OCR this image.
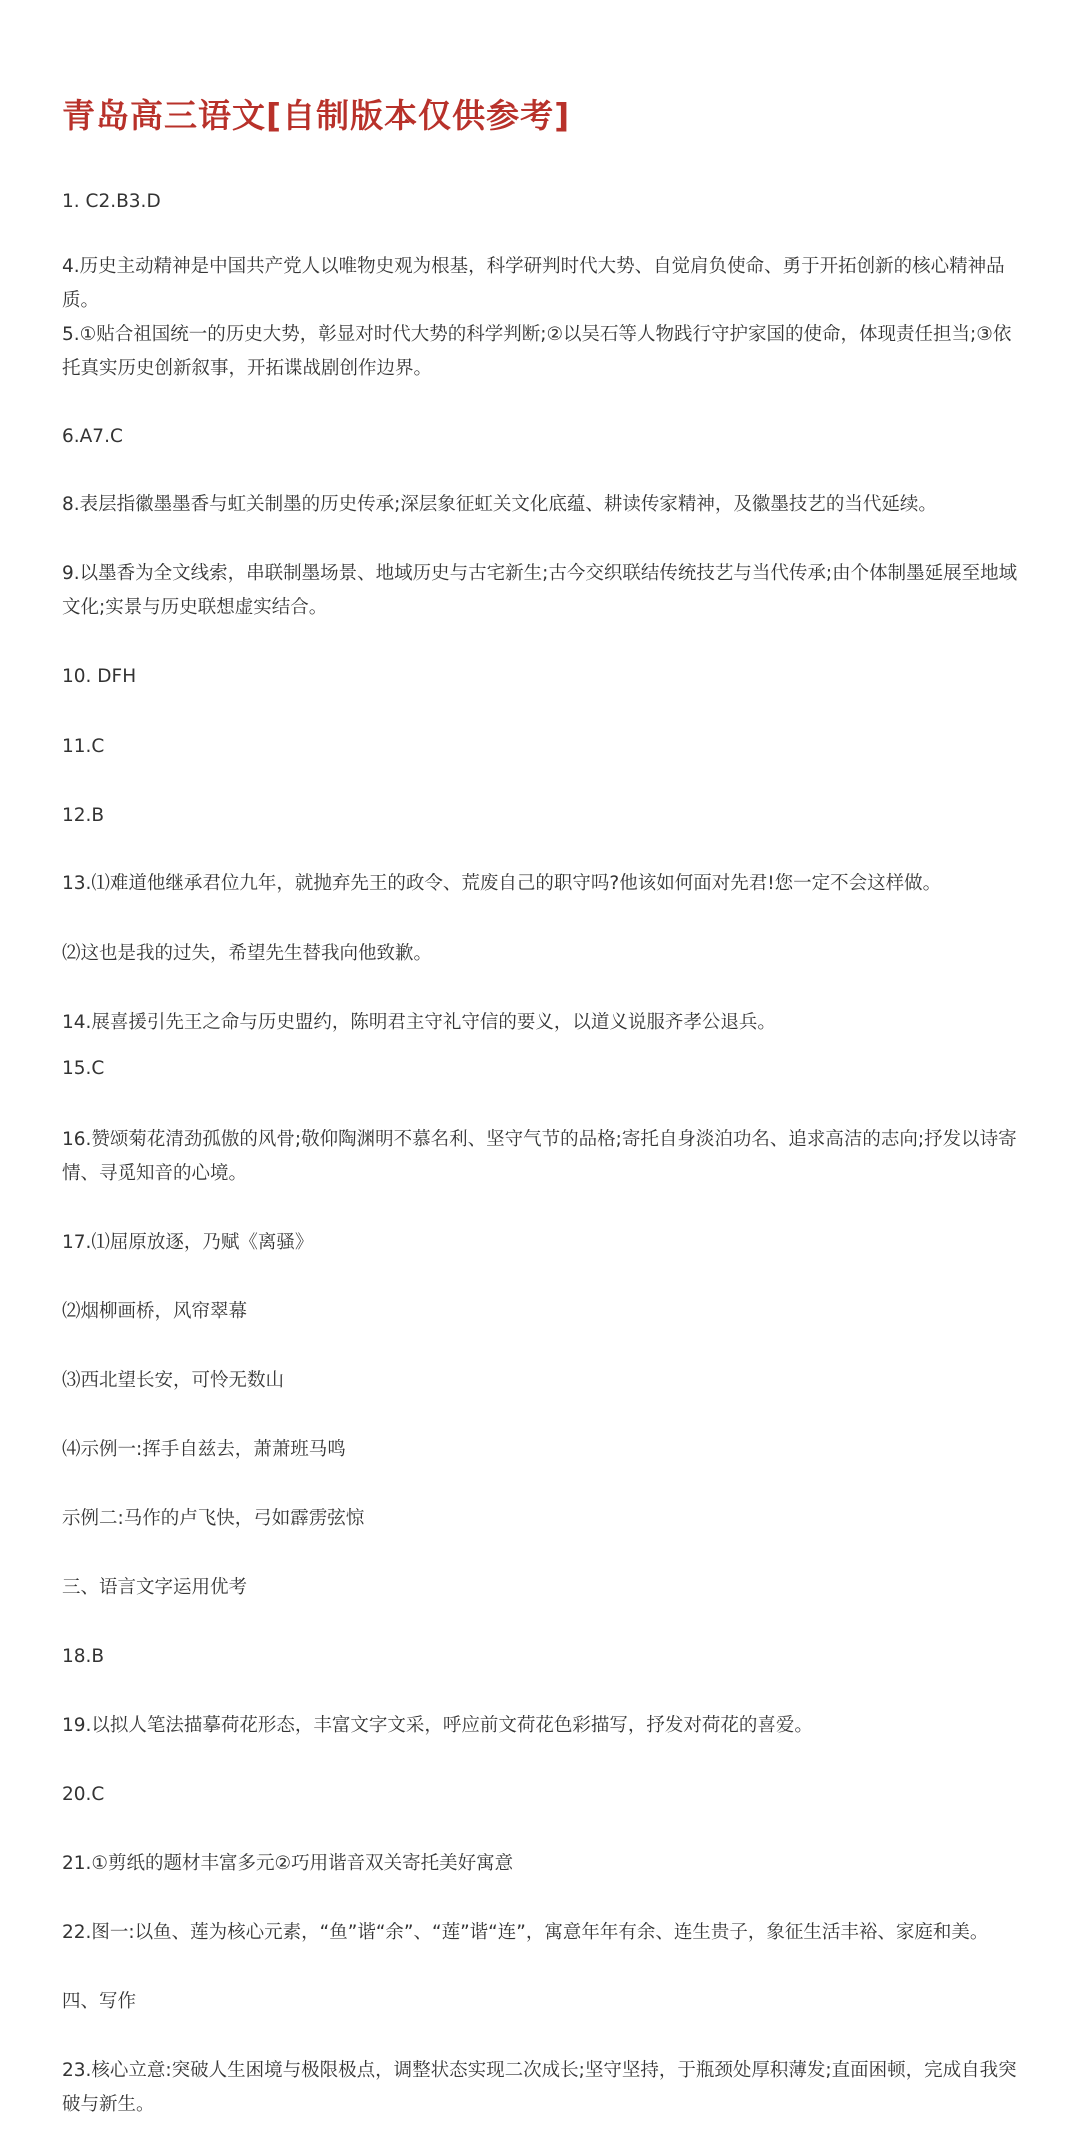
青岛高三语文[自制版本仅供参考]
1. C2.B3.D
4.历史主动精神是中国共产党人以唯物史观为根基，科学研判时代大势、自觉肩负使命、勇于开拓创新的核心精神品质。
5.①贴合祖国统一的历史大势，彰显对时代大势的科学判断;②以吴石等人物践行守护家国的使命，体现责任担当;③依托真实历史创新叙事，开拓谍战剧创作边界。
6.A7.C
8.表层指徽墨墨香与虹关制墨的历史传承;深层象征虹关文化底蕴、耕读传家精神，及徽墨技艺的当代延续。
9.以墨香为全文线索，串联制墨场景、地域历史与古宅新生;古今交织联结传统技艺与当代传承;由个体制墨延展至地域文化;实景与历史联想虚实结合。
10. DFH
11.C
12.B
13.⑴难道他继承君位九年，就抛弃先王的政令、荒废自己的职守吗?他该如何面对先君!您一定不会这样做。
⑵这也是我的过失，希望先生替我向他致歉。
14.展喜援引先王之命与历史盟约，陈明君主守礼守信的要义，以道义说服齐孝公退兵。
15.C
16.赞颂菊花清劲孤傲的风骨;敬仰陶渊明不慕名利、坚守气节的品格;寄托自身淡泊功名、追求高洁的志向;抒发以诗寄情、寻觅知音的心境。
17.⑴屈原放逐，乃赋《离骚》
⑵烟柳画桥，风帘翠幕
⑶西北望长安，可怜无数山
⑷示例一:挥手自兹去，萧萧班马鸣
示例二:马作的卢飞快，弓如霹雳弦惊
三、语言文字运用优考
18.B
19.以拟人笔法描摹荷花形态，丰富文字文采，呼应前文荷花色彩描写，抒发对荷花的喜爱。
20.C
21.①剪纸的题材丰富多元②巧用谐音双关寄托美好寓意
22.图一:以鱼、莲为核心元素，“鱼”谐“余”、“莲”谐“连”，寓意年年有余、连生贵子，象征生活丰裕、家庭和美。
四、写作
23.核心立意:突破人生困境与极限极点，调整状态实现二次成长;坚守坚持，于瓶颈处厚积薄发;直面困顿，完成自我突破与新生。
